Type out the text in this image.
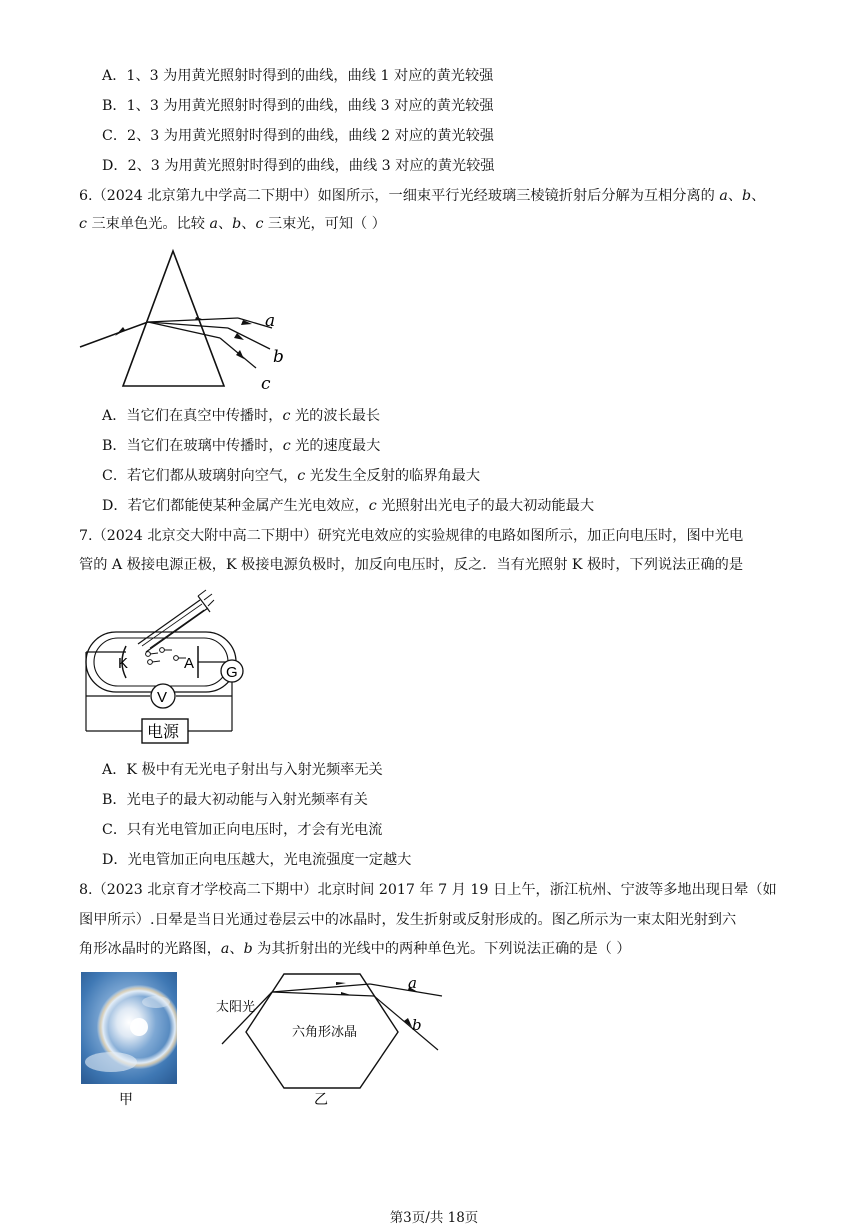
A．1、3 为用黄光照射时得到的曲线，曲线 1 对应的黄光较强
B．1、3 为用黄光照射时得到的曲线，曲线 3 对应的黄光较强
C．2、3 为用黄光照射时得到的曲线，曲线 2 对应的黄光较强
D．2、3 为用黄光照射时得到的曲线，曲线 3 对应的黄光较强
6.（2024 北京第九中学高二下期中）如图所示，一细束平行光经玻璃三棱镜折射后分解为互相分离的 a、b、
c 三束单色光。比较 a、b、c 三束光，可知（ ）
a
b
c
A．当它们在真空中传播时，c 光的波长最长
B．当它们在玻璃中传播时，c 光的速度最大
C．若它们都从玻璃射向空气，c 光发生全反射的临界角最大
D．若它们都能使某种金属产生光电效应，c 光照射出光电子的最大初动能最大
7.（2024 北京交大附中高二下期中）研究光电效应的实验规律的电路如图所示，加正向电压时，图中光电
管的 A 极接电源正极，K 极接电源负极时，加反向电压时，反之．当有光照射 K 极时，下列说法正确的是
K	A
G
V
电源
A．K 极中有无光电子射出与入射光频率无关
B．光电子的最大初动能与入射光频率有关
C．只有光电管加正向电压时，才会有光电流
D．光电管加正向电压越大，光电流强度一定越大
8.（2023 北京育才学校高二下期中）北京时间 2017 年 7 月 19 日上午，浙江杭州、宁波等多地出现日晕（如
图甲所示）.日晕是当日光通过卷层云中的冰晶时，发生折射或反射形成的。图乙所示为一束太阳光射到六
角形冰晶时的光路图，a、b 为其折射出的光线中的两种单色光。下列说法正确的是（ ）
甲
太阳光
六角形冰晶
a
b
乙
第3页/共 18页
